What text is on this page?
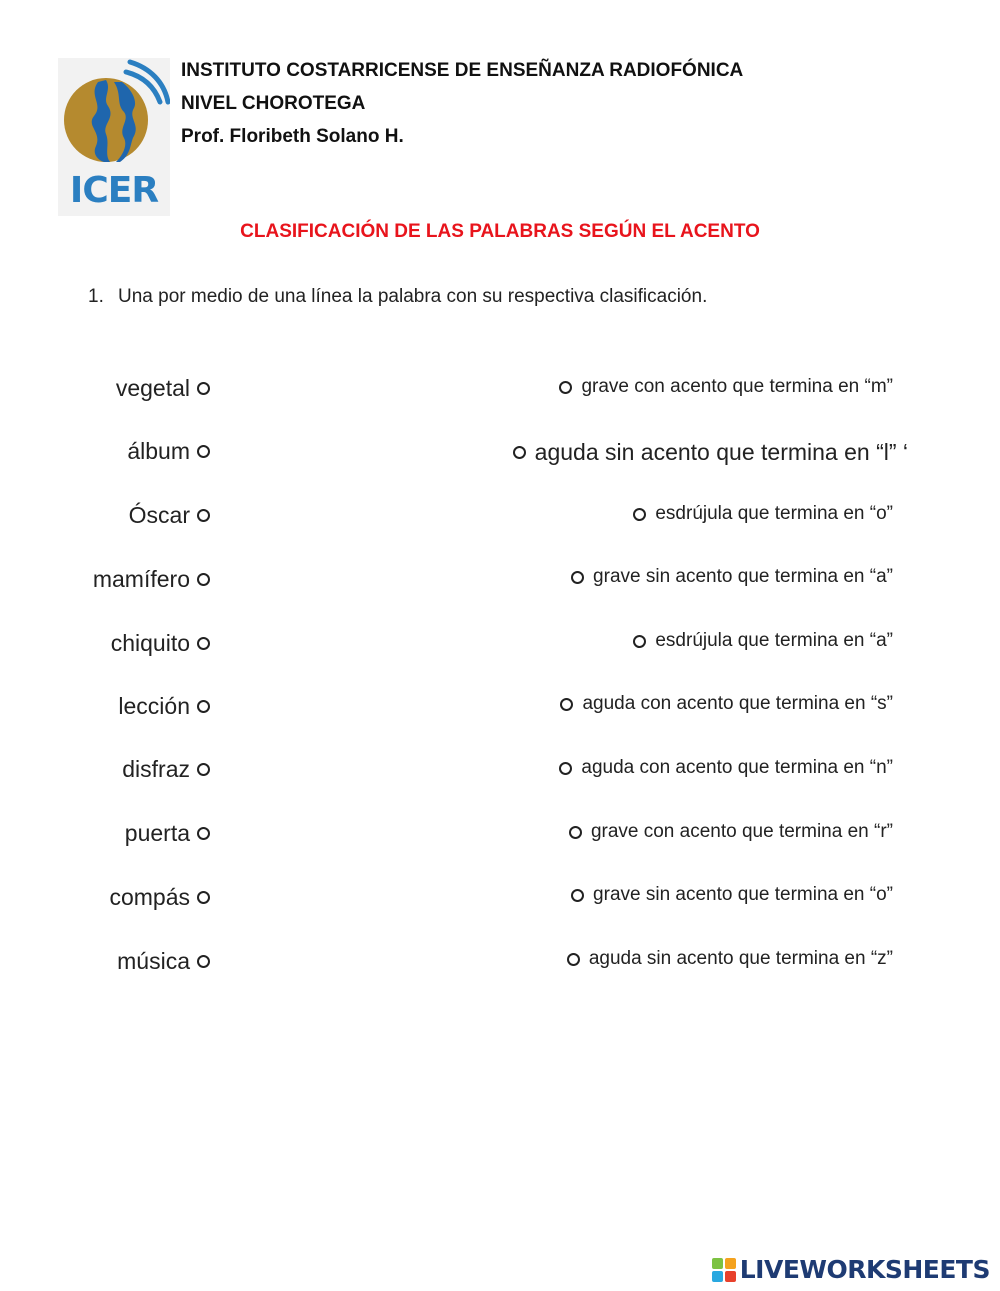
ICER
INSTITUTO COSTARRICENSE DE ENSEÑANZA RADIOFÓNICA
NIVEL CHOROTEGA
Prof. Floribeth Solano H.
CLASIFICACIÓN DE LAS PALABRAS SEGÚN EL ACENTO
1. Una por medio de una línea la palabra con su respectiva clasificación.
vegetal
álbum
Óscar
mamífero
chiquito
lección
disfraz
puerta
compás
música
grave con acento que termina en “m”
aguda sin acento que termina en “l” ‘
esdrújula que termina en “o”
grave sin acento que termina en “a”
esdrújula que termina en “a”
aguda con acento que termina en “s”
aguda con acento que termina en “n”
grave con acento que termina en “r”
grave sin acento que termina en “o”
aguda sin acento que termina en “z”
LIVEWORKSHEETS
